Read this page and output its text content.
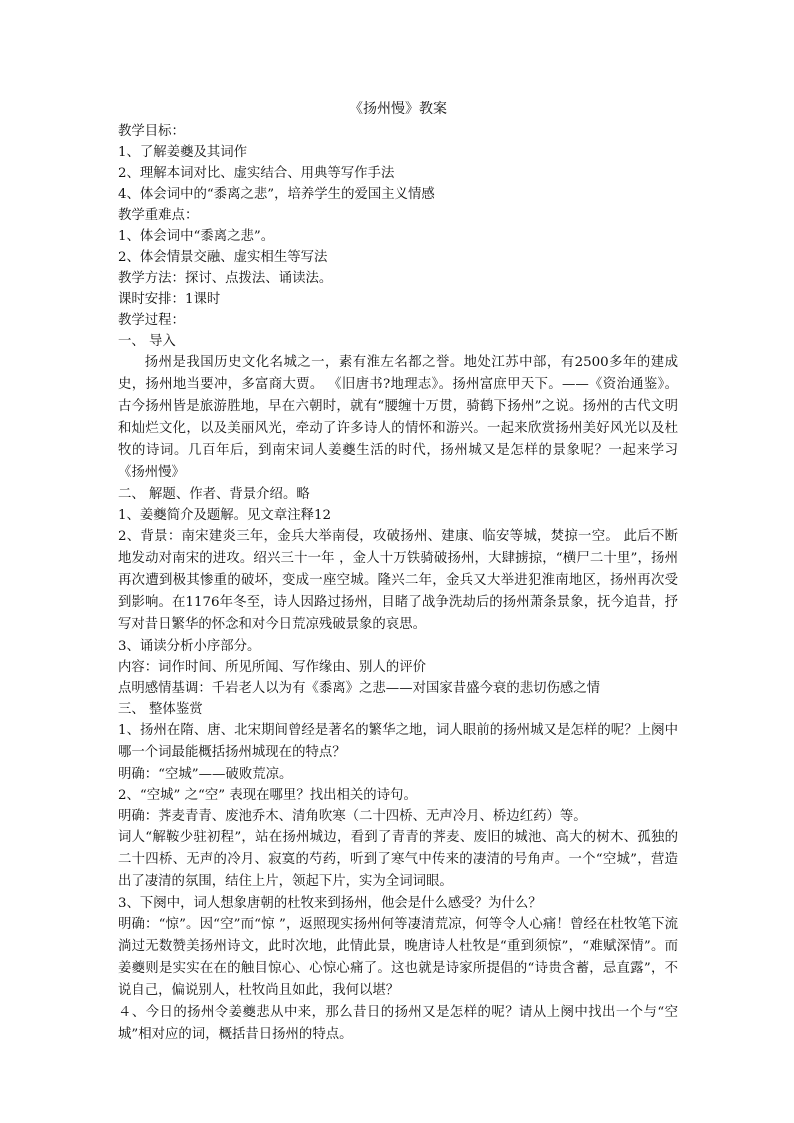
《扬州慢》教案

教学目标：

1、了解姜夔及其词作

2、理解本词对比、虚实结合、用典等写作手法

4、体会词中的“黍离之悲”，培养学生的爱国主义情感

教学重难点：

1、体会词中“黍离之悲”。

2、体会情景交融、虚实相生等写法

教学方法：探讨、点拨法、诵读法。

课时安排：1课时

教学过程：

一、 导入

扬州是我国历史文化名城之一，素有淮左名都之誉。地处江苏中部，有2500多年的建成史，扬州地当要冲，多富商大贾。 《旧唐书?地理志》。扬州富庶甲天下。——《资治通鉴》。古今扬州皆是旅游胜地，早在六朝时，就有“腰缠十万贯，骑鹤下扬州”之说。扬州的古代文明和灿烂文化，以及美丽风光，牵动了许多诗人的情怀和游兴。一起来欣赏扬州美好风光以及杜牧的诗词。几百年后，到南宋词人姜夔生活的时代，扬州城又是怎样的景象呢？一起来学习《扬州慢》

二、 解题、作者、背景介绍。略

1、姜夔简介及题解。见文章注释12

2、背景：南宋建炎三年，金兵大举南侵，攻破扬州、建康、临安等城，焚掠一空。 此后不断地发动对南宋的进攻。绍兴三十一年 ，金人十万铁骑破扬州，大肆掳掠，“横尸二十里”，扬州再次遭到极其惨重的破坏，变成一座空城。隆兴二年，金兵又大举进犯淮南地区，扬州再次受到影响。在1176年冬至，诗人因路过扬州，目睹了战争洗劫后的扬州萧条景象，抚今追昔，抒写对昔日繁华的怀念和对今日荒凉残破景象的哀思。

3、诵读分析小序部分。

内容：词作时间、所见所闻、写作缘由、别人的评价

点明感情基调：千岩老人以为有《黍离》之悲——对国家昔盛今衰的悲切伤感之情

三、 整体鉴赏

1、扬州在隋、唐、北宋期间曾经是著名的繁华之地，词人眼前的扬州城又是怎样的呢？上阕中哪一个词最能概括扬州城现在的特点？

明确：“空城”——破败荒凉。

2、“空城” 之“空” 表现在哪里？找出相关的诗句。

明确：荠麦青青、废池乔木、清角吹寒（二十四桥、无声冷月、桥边红药）等。

词人“解鞍少驻初程”，站在扬州城边，看到了青青的荠麦、废旧的城池、高大的树木、孤独的二十四桥、无声的冷月、寂寞的芍药，听到了寒气中传来的凄清的号角声。一个“空城”，营造出了凄清的氛围，结住上片，领起下片，实为全词词眼。

3、下阕中，词人想象唐朝的杜牧来到扬州，他会是什么感受？为什么？

明确：“惊”。因“空”而“惊 ”，返照现实扬州何等凄清荒凉，何等令人心痛！曾经在杜牧笔下流淌过无数赞美扬州诗文，此时次地，此情此景，晚唐诗人杜牧是“重到须惊”，“难赋深情”。而姜夔则是实实在在的触目惊心、心惊心痛了。这也就是诗家所提倡的“诗贵含蓄，忌直露”，不说自己，偏说别人，杜牧尚且如此，我何以堪？

４、今日的扬州令姜夔悲从中来，那么昔日的扬州又是怎样的呢？请从上阕中找出一个与“空城”相对应的词，概括昔日扬州的特点。
